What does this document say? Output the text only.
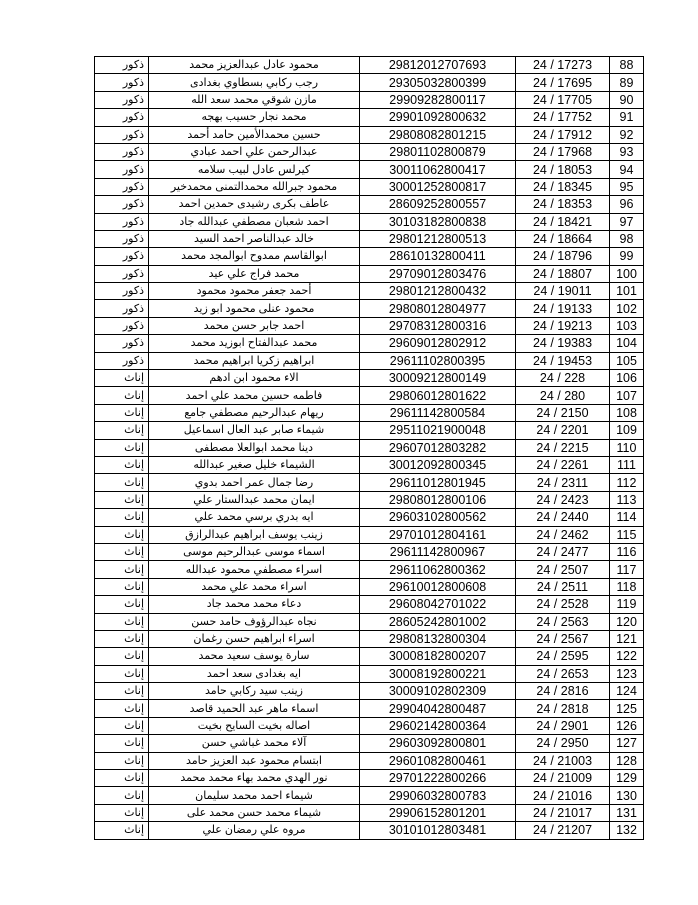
ذكور	محمود عادل عبدالعزيز محمد	29812012707693	24 / 17273	88
ذكور	رجب ركابي بسطاوي بغدادى	29305032800399	24 / 17695	89
ذكور	مازن شوقي محمد سعد الله	29909282800117	24 / 17705	90
ذكور	محمد نجار حسيب بهجه	29901092800632	24 / 17752	91
ذكور	حسين محمدالأمين حامد أحمد	29808082801215	24 / 17912	92
ذكور	عبدالرحمن علي احمد عبادي	29801102800879	24 / 17968	93
ذكور	كيرلس عادل لبيب سلامه	30011062800417	24 / 18053	94
ذكور	محمود جبرالله محمدالتمنى محمدخير	30001252800817	24 / 18345	95
ذكور	عاطف بكرى رشيدى حمدين احمد	28609252800557	24 / 18353	96
ذكور	احمد شعبان مصطفي عبدالله جاد	30103182800838	24 / 18421	97
ذكور	خالد عبدالناصر احمد السيد	29801212800513	24 / 18664	98
ذكور	ابوالقاسم ممدوح ابوالمجد محمد	28610132800411	24 / 18796	99
ذكور	محمد فراج علي عيد	29709012803476	24 / 18807	100
ذكور	أحمد جعفر محمود محمود	29801212800432	24 / 19011	101
ذكور	محمود عنلى محمود ابو زيد	29808012804977	24 / 19133	102
ذكور	احمد جابر حسن محمد	29708312800316	24 / 19213	103
ذكور	محمد عبدالفتاح ابوزيد محمد	29609012802912	24 / 19383	104
ذكور	ابراهيم زكريا ابراهيم محمد	29611102800395	24 / 19453	105
إناث	الاء محمود ابن ادهم	30009212800149	24 / 228	106
إناث	فاطمه حسين محمد علي احمد	29806012801622	24 / 280	107
إناث	ريهام عبدالرحيم مصطفي جامع	29611142800584	24 / 2150	108
إناث	شيماء صابر عبد العال اسماعيل	29511021900048	24 / 2201	109
إناث	دينا محمد ابوالعلا مصطفى	29607012803282	24 / 2215	110
إناث	الشيماء خليل صغير عبدالله	30012092800345	24 / 2261	111
إناث	رضا جمال عمر احمد بدوي	29611012801945	24 / 2311	112
إناث	ايمان محمد عبدالستار علي	29808012800106	24 / 2423	113
إناث	ايه بدري برسي محمد علي	29603102800562	24 / 2440	114
إناث	زينب يوسف ابراهيم عبدالرازق	29701012804161	24 / 2462	115
إناث	اسماء موسى عبدالرحيم موسى	29611142800967	24 / 2477	116
إناث	اسراء مصطفي محمود عبدالله	29611062800362	24 / 2507	117
إناث	اسراء محمد علي محمد	29610012800608	24 / 2511	118
إناث	دعاء محمد محمد جاد	29608042701022	24 / 2528	119
إناث	نجاه عبدالرؤوف حامد حسن	28605242801002	24 / 2563	120
إناث	اسراء ابراهيم حسن رغمان	29808132800304	24 / 2567	121
إناث	سارة يوسف سعيد محمد	30008182800207	24 / 2595	122
إناث	ايه بغدادى سعد احمد	30008192800221	24 / 2653	123
إناث	زينب سيد ركابي حامد	30009102802309	24 / 2816	124
إناث	اسماء ماهر عبد الحميد قاصد	29904042800487	24 / 2818	125
إناث	اصاله بخيت السايح بخيت	29602142800364	24 / 2901	126
إناث	آلاء محمد غباشي حسن	29603092800801	24 / 2950	127
إناث	ابتسام محمود عبد العزيز حامد	29601082800461	24 / 21003	128
إناث	نور الهدي محمد بهاء محمد محمد	29701222800266	24 / 21009	129
إناث	شيماء احمد محمد سليمان	29906032800783	24 / 21016	130
إناث	شيماء محمد حسن محمد على	29906152801201	24 / 21017	131
إناث	مروه علي رمضان علي	30101012803481	24 / 21207	132
